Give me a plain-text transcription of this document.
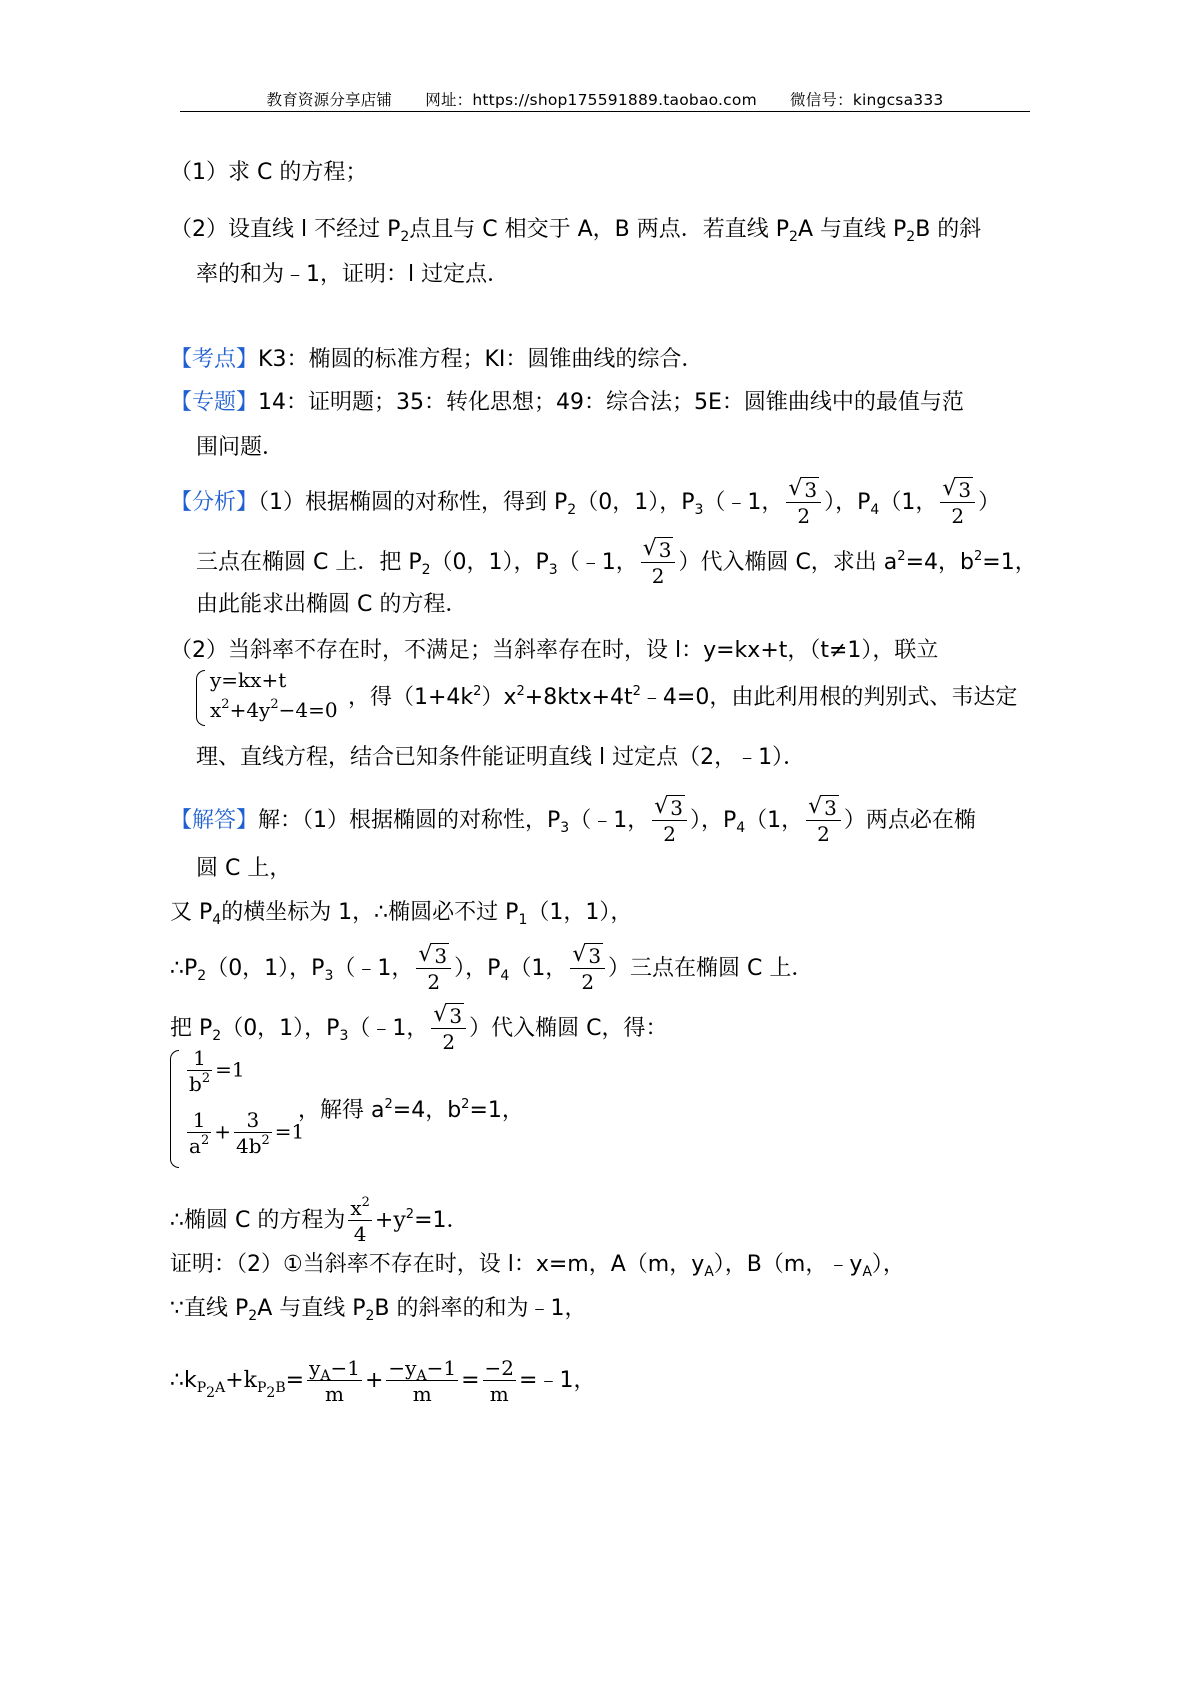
教育资源分享店铺 网址：https://shop175591889.taobao.com 微信号：kingcsa333
（1）求 C 的方程；
（2）设直线 l 不经过 $P_2$点且与 C 相交于 A，B 两点．若直线 $P_2A$ 与直线 $P_2B$ 的斜
率的和为﹣1，证明：l 过定点．
【考点】K3：椭圆的标准方程；KI：圆锥曲线的综合．
【专题】14：证明题；35：转化思想；49：综合法；5E：圆锥曲线中的最值与范
围问题．
【分析】（1）根据椭圆的对称性，得到 $P_2(0$，1），$P_3(﹣1$， √ $\frac{3}{2}$ ），$P_4(1$， √ $\frac{3}{2}$ ）
三点在椭圆 C 上．把 $P_2(0$，1），$P_3(﹣1$， √ $\frac{3}{2}$ ）代入椭圆 C，求出 $a^2=4$，$b^2=1$，
由此能求出椭圆 C 的方程．
（2）当斜率不存在时，不满足；当斜率存在时，设 l：y=kx+t，（t≠1），联立
y=kx+t
$x^2+4y^2-4=0$ ，得$(1+4k^2)x^2+8ktx+4t^2﹣4=0$，由此利用根的判别式、韦达定
理、直线方程，结合已知条件能证明直线 l 过定点（2，﹣1）．
【解答】解：（1）根据椭圆的对称性，$P_3(﹣1$， √ $\frac{3}{2}$ ），$P_4(1$， √ $\frac{3}{2}$ ）两点必在椭
圆 C 上，
又 $P_4$的横坐标为 1，∴椭圆必不过 $P_1(1$，1），
$\therefore P_2(0$，1），$P_3(﹣1$， √ $\frac{3}{2}$ ），$P_4(1$， √ $\frac{3}{2}$ ）三点在椭圆 C 上．
把 $P_2(0$，1），$P_3(﹣1$， √ $\frac{3}{2}$ ）代入椭圆 C，得：
$\frac{1}{b^2} =1$
$\frac{1}{a^2} + \frac{3}{4b^2} =1$
，解得 $a^2=4$，$b^2=1$，
∴椭圆 C 的方程为 $\frac{x^2}{4} +y^2=1$．
证明：（2）①当斜率不存在时，设 l：x=m，A（m，$y_A$），B（m，$﹣y_A$），
∵直线 $P_2A$ 与直线 $P_2B$ 的斜率的和为﹣1，
$\therefore k_{P_2A}+k_{P_2B}= \frac{y_A-1}{m} + \frac{-y_A-1}{m} = \frac{-2}{m}$ =﹣1，
